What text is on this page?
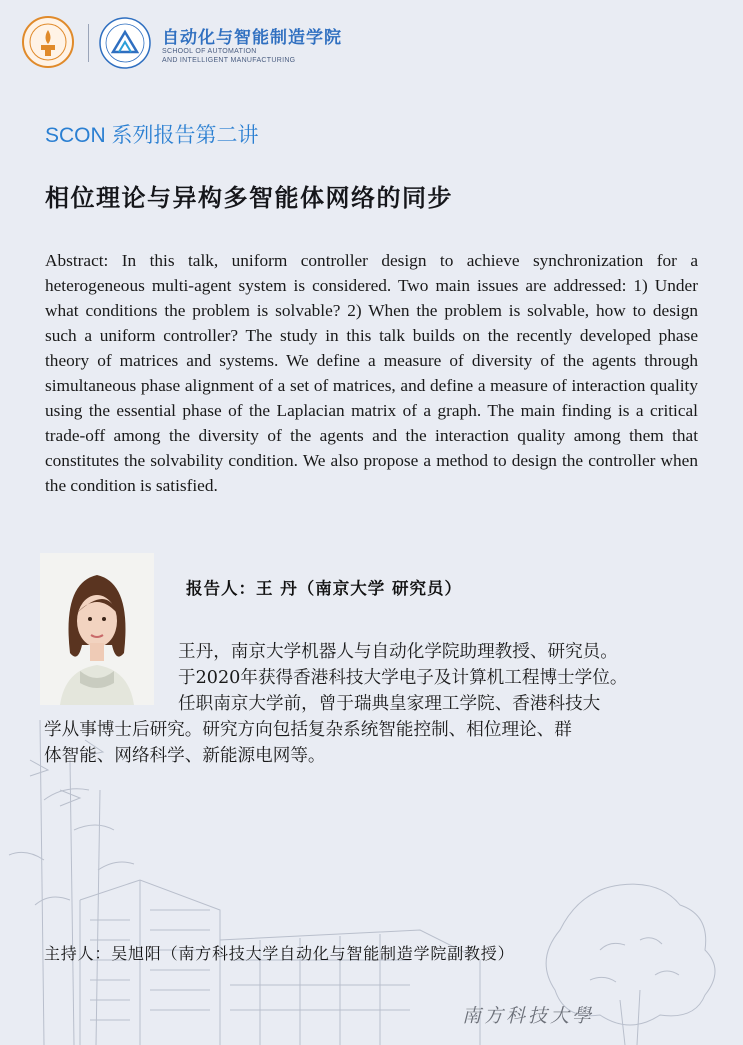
自动化与智能制造学院
SCHOOL OF AUTOMATION
AND INTELLIGENT MANUFACTURING
SCON 系列报告第二讲
相位理论与异构多智能体网络的同步

Abstract: In this talk, uniform controller design to achieve synchronization for a heterogeneous multi-agent system is considered. Two main issues are addressed: 1) Under what conditions the problem is solvable? 2) When the problem is solvable, how to design such a uniform controller? The study in this talk builds on the recently developed phase theory of matrices and systems. We define a measure of diversity of the agents through simultaneous phase alignment of a set of matrices, and define a measure of interaction quality using the essential phase of the Laplacian matrix of a graph. The main finding is a critical trade-off among the diversity of the agents and the interaction quality among them that constitutes the solvability condition. We also propose a method to design the controller when the condition is satisfied.

报告人：王 丹（南京大学 研究员）
王丹，南京大学机器人与自动化学院助理教授、研究员。
于2020年获得香港科技大学电子及计算机工程博士学位。
任职南京大学前，曾于瑞典皇家理工学院、香港科技大
学从事博士后研究。研究方向包括复杂系统智能控制、相位理论、群
体智能、网络科学、新能源电网等。
主持人：吴旭阳（南方科技大学自动化与智能制造学院副教授）
南方科技大學
